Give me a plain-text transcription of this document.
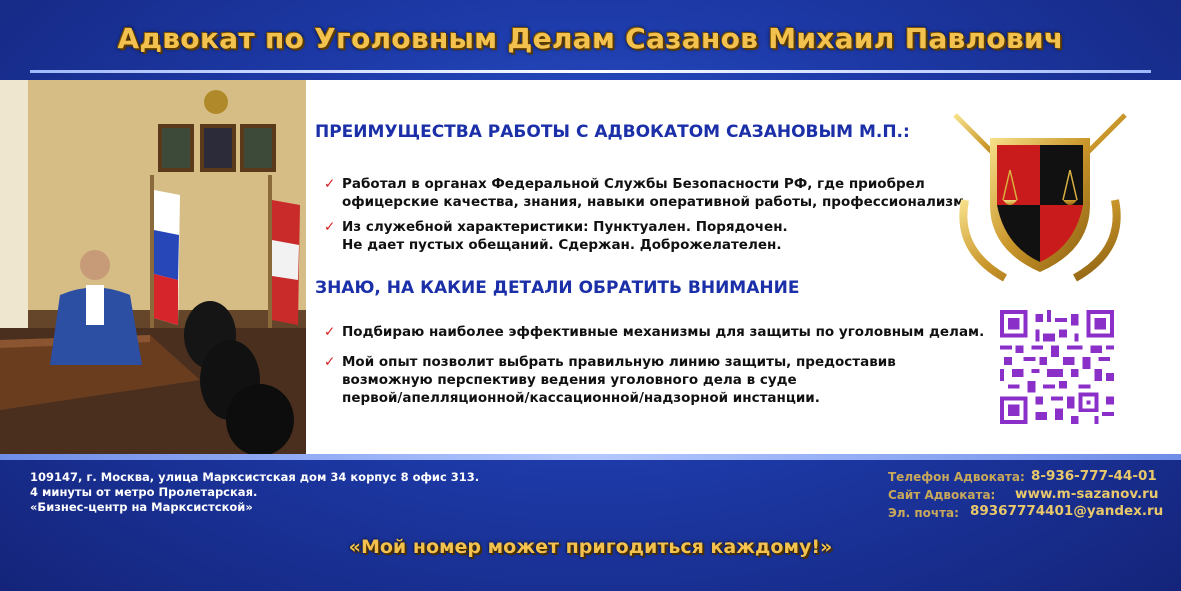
Адвокат по Уголовным Делам Сазанов Михаил Павлович
ПРЕИМУЩЕСТВА РАБОТЫ С АДВОКАТОМ САЗАНОВЫМ М.П.:
✓ Работал в органах Федеральной Службы Безопасности РФ, где приобрел
офицерские качества, знания, навыки оперативной работы, профессионализм.
✓ Из служебной характеристики: Пунктуален. Порядочен.
Не дает пустых обещаний. Сдержан. Доброжелателен.
ЗНАЮ, НА КАКИЕ ДЕТАЛИ ОБРАТИТЬ ВНИМАНИЕ
✓ Подбираю наиболее эффективные механизмы для защиты по уголовным делам.
✓ Мой опыт позволит выбрать правильную линию защиты, предоставив
возможную перспективу ведения уголовного дела в суде
первой/апелляционной/кассационной/надзорной инстанции.
109147, г. Москва, улица Марксистская дом 34 корпус 8 офис 313.
4 минуты от метро Пролетарская.
«Бизнес-центр на Марксистской»
Телефон Адвоката: 8-936-777-44-01
Сайт Адвоката: www.m-sazanov.ru
Эл. почта: 89367774401@yandex.ru
«Мой номер может пригодиться каждому!»
